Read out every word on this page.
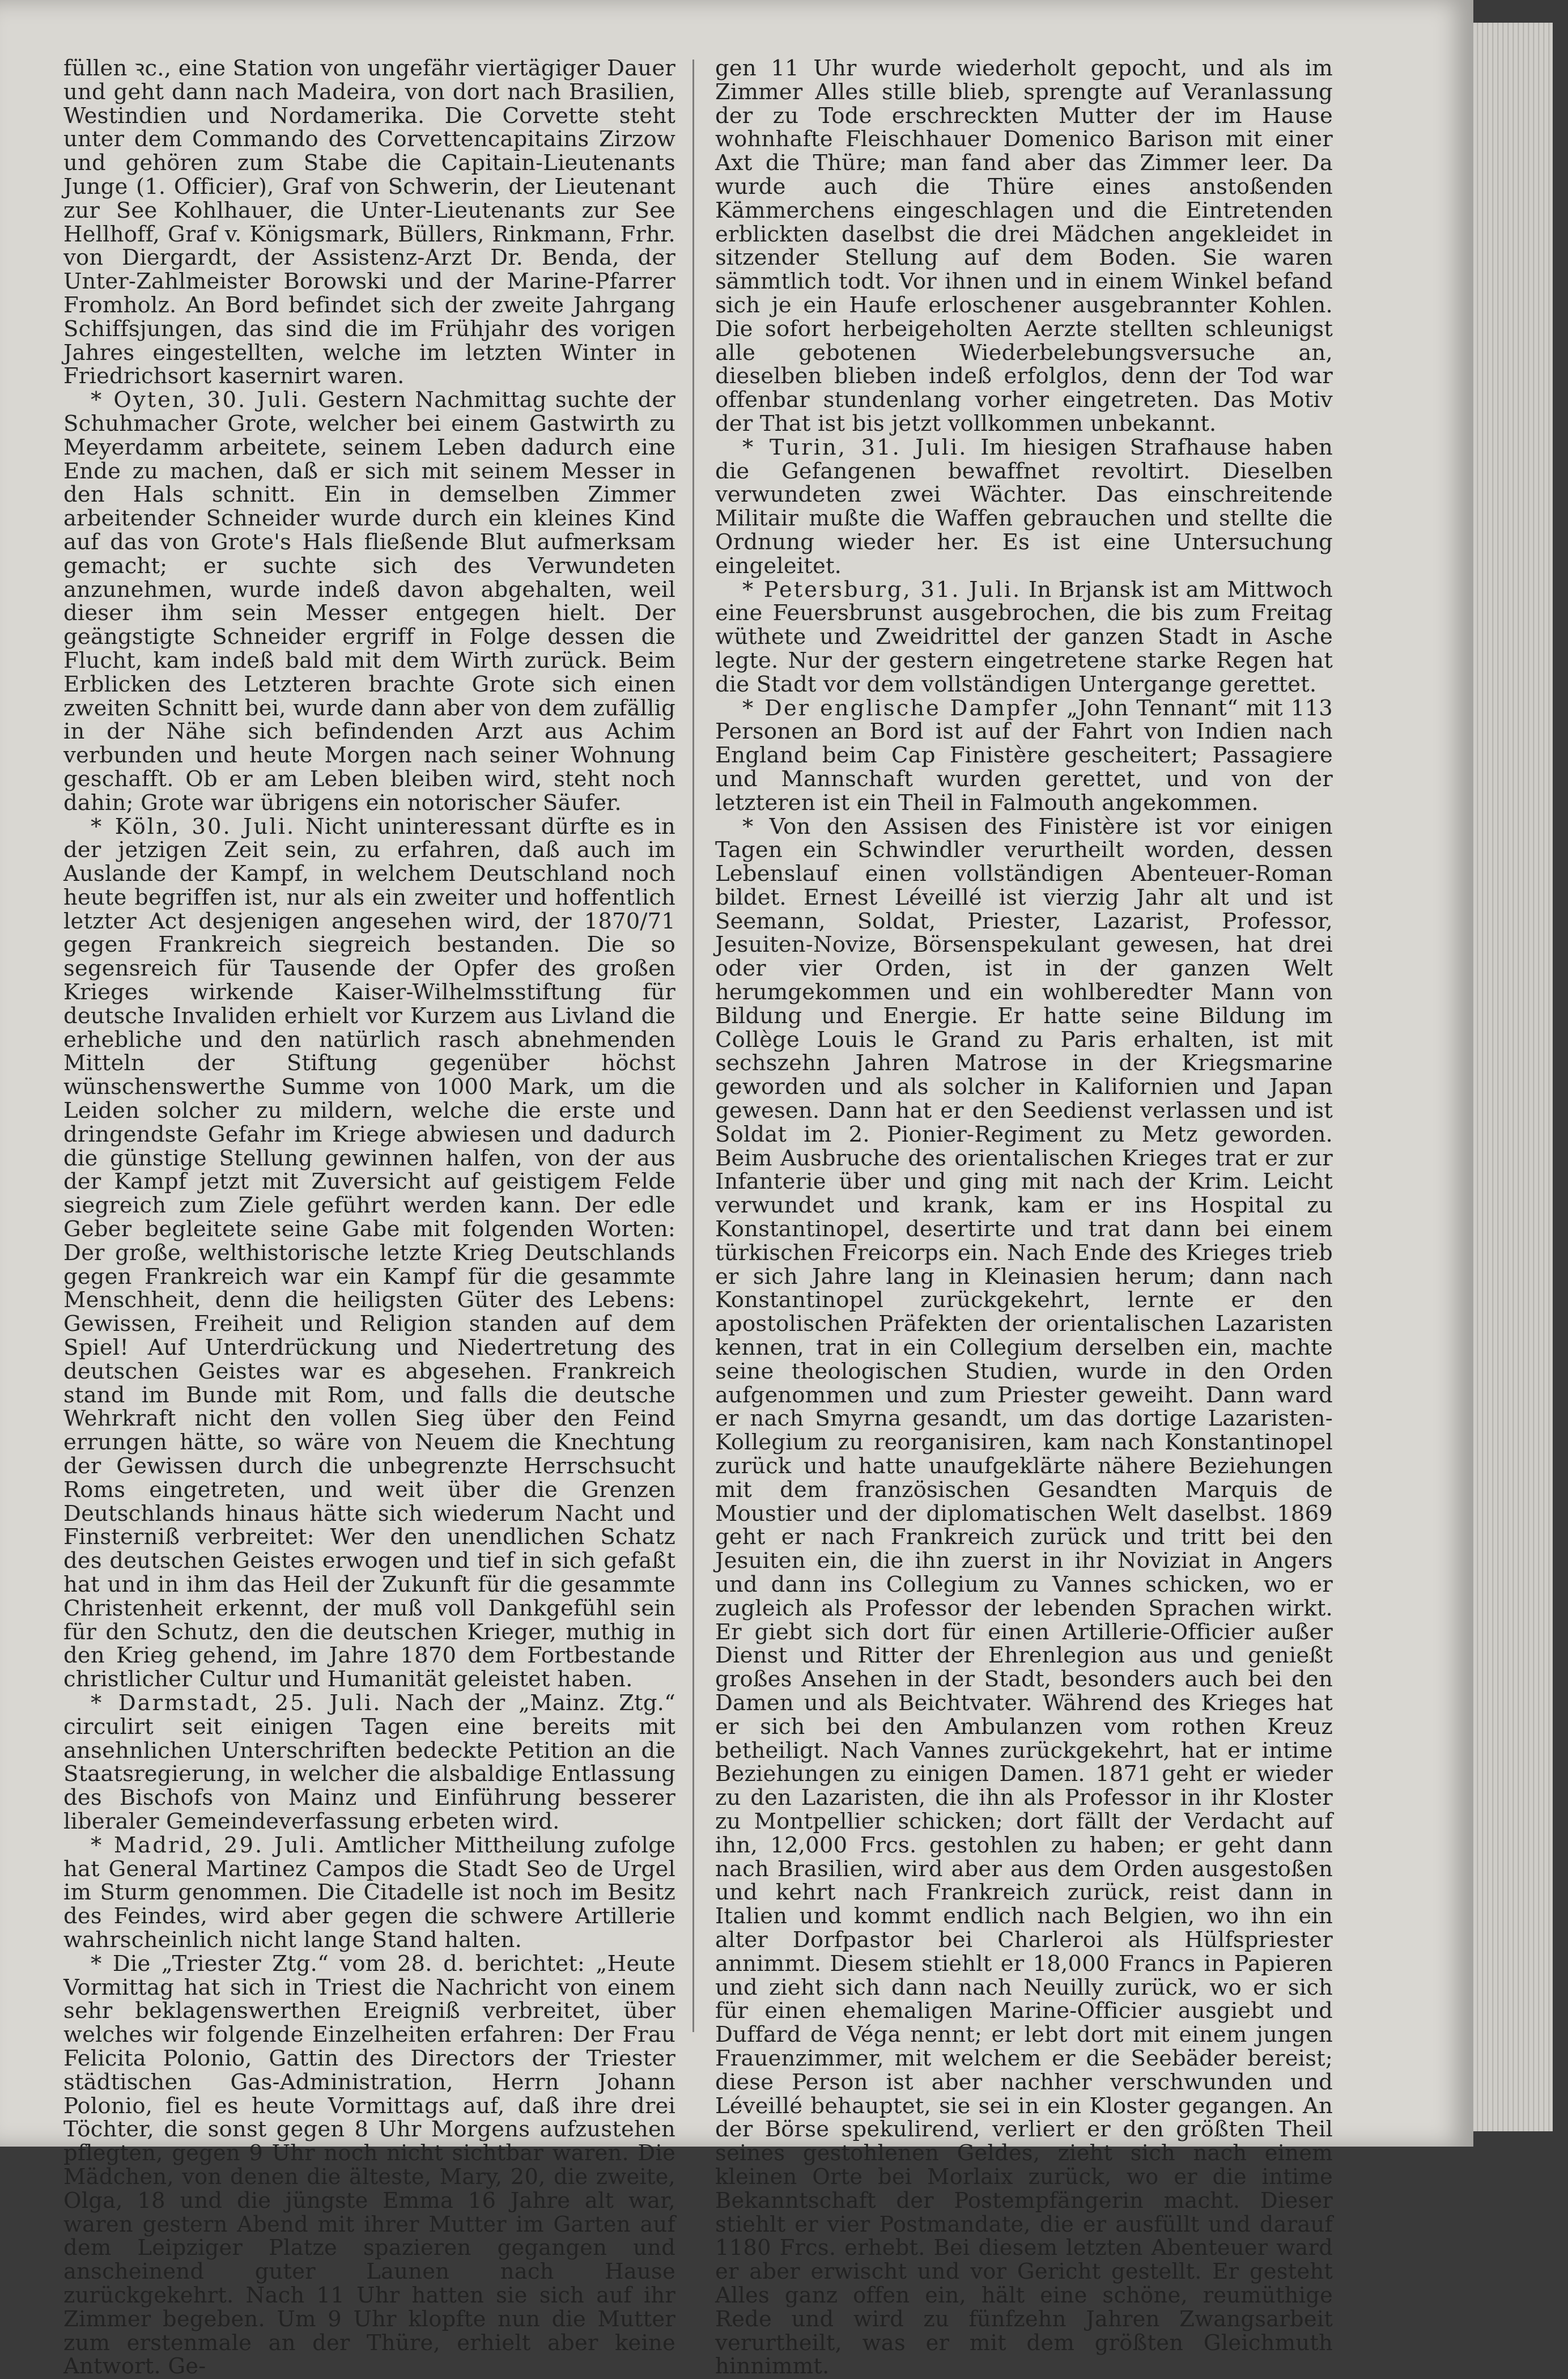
füllen ꝛc., eine Station von ungefähr viertägiger Dauer und geht dann nach Madeira, von dort nach Brasilien, Westindien und Nordamerika. Die Corvette steht unter dem Commando des Corvettencapitains Zirzow und gehören zum Stabe die Capitain-Lieutenants Junge (1. Officier), Graf von Schwerin, der Lieutenant zur See Kohlhauer, die Unter-Lieutenants zur See Hellhoff, Graf v. Königsmark, Büllers, Rinkmann, Frhr. von Diergardt, der Assistenz-Arzt Dr. Benda, der Unter-Zahlmeister Borowski und der Marine-Pfarrer Fromholz. An Bord befindet sich der zweite Jahrgang Schiffsjungen, das sind die im Frühjahr des vorigen Jahres eingestellten, welche im letzten Winter in Friedrichsort kasernirt waren.

* Oyten, 30. Juli. Gestern Nachmittag suchte der Schuhmacher Grote, welcher bei einem Gastwirth zu Meyerdamm arbeitete, seinem Leben dadurch eine Ende zu machen, daß er sich mit seinem Messer in den Hals schnitt. Ein in demselben Zimmer arbeitender Schneider wurde durch ein kleines Kind auf das von Grote's Hals fließende Blut aufmerksam gemacht; er suchte sich des Verwundeten anzunehmen, wurde indeß davon abgehalten, weil dieser ihm sein Messer entgegen hielt. Der geängstigte Schneider ergriff in Folge dessen die Flucht, kam indeß bald mit dem Wirth zurück. Beim Erblicken des Letzteren brachte Grote sich einen zweiten Schnitt bei, wurde dann aber von dem zufällig in der Nähe sich befindenden Arzt aus Achim verbunden und heute Morgen nach seiner Wohnung geschafft. Ob er am Leben bleiben wird, steht noch dahin; Grote war übrigens ein notorischer Säufer.

* Köln, 30. Juli. Nicht uninteressant dürfte es in der jetzigen Zeit sein, zu erfahren, daß auch im Auslande der Kampf, in welchem Deutschland noch heute begriffen ist, nur als ein zweiter und hoffentlich letzter Act desjenigen angesehen wird, der 1870/71 gegen Frankreich siegreich bestanden. Die so segensreich für Tausende der Opfer des großen Krieges wirkende Kaiser-Wilhelmsstiftung für deutsche Invaliden erhielt vor Kurzem aus Livland die erhebliche und den natürlich rasch abnehmenden Mitteln der Stiftung gegenüber höchst wünschenswerthe Summe von 1000 Mark, um die Leiden solcher zu mildern, welche die erste und dringendste Gefahr im Kriege abwiesen und dadurch die günstige Stellung gewinnen halfen, von der aus der Kampf jetzt mit Zuversicht auf geistigem Felde siegreich zum Ziele geführt werden kann. Der edle Geber begleitete seine Gabe mit folgenden Worten: Der große, welthistorische letzte Krieg Deutschlands gegen Frankreich war ein Kampf für die gesammte Menschheit, denn die heiligsten Güter des Lebens: Gewissen, Freiheit und Religion standen auf dem Spiel! Auf Unterdrückung und Niedertretung des deutschen Geistes war es abgesehen. Frankreich stand im Bunde mit Rom, und falls die deutsche Wehrkraft nicht den vollen Sieg über den Feind errungen hätte, so wäre von Neuem die Knechtung der Gewissen durch die unbegrenzte Herrschsucht Roms eingetreten, und weit über die Grenzen Deutschlands hinaus hätte sich wiederum Nacht und Finsterniß verbreitet: Wer den unendlichen Schatz des deutschen Geistes erwogen und tief in sich gefaßt hat und in ihm das Heil der Zukunft für die gesammte Christenheit erkennt, der muß voll Dankgefühl sein für den Schutz, den die deutschen Krieger, muthig in den Krieg gehend, im Jahre 1870 dem Fortbestande christlicher Cultur und Humanität geleistet haben.

* Darmstadt, 25. Juli. Nach der „Mainz. Ztg.“ circulirt seit einigen Tagen eine bereits mit ansehnlichen Unterschriften bedeckte Petition an die Staatsregierung, in welcher die alsbaldige Entlassung des Bischofs von Mainz und Einführung besserer liberaler Gemeindeverfassung erbeten wird.

* Madrid, 29. Juli. Amtlicher Mittheilung zufolge hat General Martinez Campos die Stadt Seo de Urgel im Sturm genommen. Die Citadelle ist noch im Besitz des Feindes, wird aber gegen die schwere Artillerie wahrscheinlich nicht lange Stand halten.

* Die „Triester Ztg.“ vom 28. d. berichtet: „Heute Vormittag hat sich in Triest die Nachricht von einem sehr beklagenswerthen Ereigniß verbreitet, über welches wir folgende Einzelheiten erfahren: Der Frau Felicita Polonio, Gattin des Directors der Triester städtischen Gas-Administration, Herrn Johann Polonio, fiel es heute Vormittags auf, daß ihre drei Töchter, die sonst gegen 8 Uhr Morgens aufzustehen pflegten, gegen 9 Uhr noch nicht sichtbar waren. Die Mädchen, von denen die älteste, Mary, 20, die zweite, Olga, 18 und die jüngste Emma 16 Jahre alt war, waren gestern Abend mit ihrer Mutter im Garten auf dem Leipziger Platze spazieren gegangen und anscheinend guter Launen nach Hause zurückgekehrt. Nach 11 Uhr hatten sie sich auf ihr Zimmer begeben. Um 9 Uhr klopfte nun die Mutter zum erstenmale an der Thüre, erhielt aber keine Antwort. Ge-

gen 11 Uhr wurde wiederholt gepocht, und als im Zimmer Alles stille blieb, sprengte auf Veranlassung der zu Tode erschreckten Mutter der im Hause wohnhafte Fleischhauer Domenico Barison mit einer Axt die Thüre; man fand aber das Zimmer leer. Da wurde auch die Thüre eines anstoßenden Kämmerchens eingeschlagen und die Eintretenden erblickten daselbst die drei Mädchen angekleidet in sitzender Stellung auf dem Boden. Sie waren sämmtlich todt. Vor ihnen und in einem Winkel befand sich je ein Haufe erloschener ausgebrannter Kohlen. Die sofort herbeigeholten Aerzte stellten schleunigst alle gebotenen Wiederbelebungsversuche an, dieselben blieben indeß erfolglos, denn der Tod war offenbar stundenlang vorher eingetreten. Das Motiv der That ist bis jetzt vollkommen unbekannt.

* Turin, 31. Juli. Im hiesigen Strafhause haben die Gefangenen bewaffnet revoltirt. Dieselben verwundeten zwei Wächter. Das einschreitende Militair mußte die Waffen gebrauchen und stellte die Ordnung wieder her. Es ist eine Untersuchung eingeleitet.

* Petersburg, 31. Juli. In Brjansk ist am Mittwoch eine Feuersbrunst ausgebrochen, die bis zum Freitag wüthete und Zweidrittel der ganzen Stadt in Asche legte. Nur der gestern eingetretene starke Regen hat die Stadt vor dem vollständigen Untergange gerettet.

* Der englische Dampfer „John Tennant“ mit 113 Personen an Bord ist auf der Fahrt von Indien nach England beim Cap Finistère gescheitert; Passagiere und Mannschaft wurden gerettet, und von der letzteren ist ein Theil in Falmouth angekommen.

* Von den Assisen des Finistère ist vor einigen Tagen ein Schwindler verurtheilt worden, dessen Lebenslauf einen vollständigen Abenteuer-Roman bildet. Ernest Léveillé ist vierzig Jahr alt und ist Seemann, Soldat, Priester, Lazarist, Professor, Jesuiten-Novize, Börsenspekulant gewesen, hat drei oder vier Orden, ist in der ganzen Welt herumgekommen und ein wohlberedter Mann von Bildung und Energie. Er hatte seine Bildung im Collège Louis le Grand zu Paris erhalten, ist mit sechszehn Jahren Matrose in der Kriegsmarine geworden und als solcher in Kalifornien und Japan gewesen. Dann hat er den Seedienst verlassen und ist Soldat im 2. Pionier-Regiment zu Metz geworden. Beim Ausbruche des orientalischen Krieges trat er zur Infanterie über und ging mit nach der Krim. Leicht verwundet und krank, kam er ins Hospital zu Konstantinopel, desertirte und trat dann bei einem türkischen Freicorps ein. Nach Ende des Krieges trieb er sich Jahre lang in Kleinasien herum; dann nach Konstantinopel zurückgekehrt, lernte er den apostolischen Präfekten der orientalischen Lazaristen kennen, trat in ein Collegium derselben ein, machte seine theologischen Studien, wurde in den Orden aufgenommen und zum Priester geweiht. Dann ward er nach Smyrna gesandt, um das dortige Lazaristen-Kollegium zu reorganisiren, kam nach Konstantinopel zurück und hatte unaufgeklärte nähere Beziehungen mit dem französischen Gesandten Marquis de Moustier und der diplomatischen Welt daselbst. 1869 geht er nach Frankreich zurück und tritt bei den Jesuiten ein, die ihn zuerst in ihr Noviziat in Angers und dann ins Collegium zu Vannes schicken, wo er zugleich als Professor der lebenden Sprachen wirkt. Er giebt sich dort für einen Artillerie-Officier außer Dienst und Ritter der Ehrenlegion aus und genießt großes Ansehen in der Stadt, besonders auch bei den Damen und als Beichtvater. Während des Krieges hat er sich bei den Ambulanzen vom rothen Kreuz betheiligt. Nach Vannes zurückgekehrt, hat er intime Beziehungen zu einigen Damen. 1871 geht er wieder zu den Lazaristen, die ihn als Professor in ihr Kloster zu Montpellier schicken; dort fällt der Verdacht auf ihn, 12,000 Frcs. gestohlen zu haben; er geht dann nach Brasilien, wird aber aus dem Orden ausgestoßen und kehrt nach Frankreich zurück, reist dann in Italien und kommt endlich nach Belgien, wo ihn ein alter Dorfpastor bei Charleroi als Hülfspriester annimmt. Diesem stiehlt er 18,000 Francs in Papieren und zieht sich dann nach Neuilly zurück, wo er sich für einen ehemaligen Marine-Officier ausgiebt und Duffard de Véga nennt; er lebt dort mit einem jungen Frauenzimmer, mit welchem er die Seebäder bereist; diese Person ist aber nachher verschwunden und Léveillé behauptet, sie sei in ein Kloster gegangen. An der Börse spekulirend, verliert er den größten Theil seines gestohlenen Geldes, zieht sich nach einem kleinen Orte bei Morlaix zurück, wo er die intime Bekanntschaft der Postempfängerin macht. Dieser stiehlt er vier Postmandate, die er ausfüllt und darauf 1180 Frcs. erhebt. Bei diesem letzten Abenteuer ward er aber erwischt und vor Gericht gestellt. Er gesteht Alles ganz offen ein, hält eine schöne, reumüthige Rede und wird zu fünfzehn Jahren Zwangsarbeit verurtheilt, was er mit dem größten Gleichmuth hinnimmt.
